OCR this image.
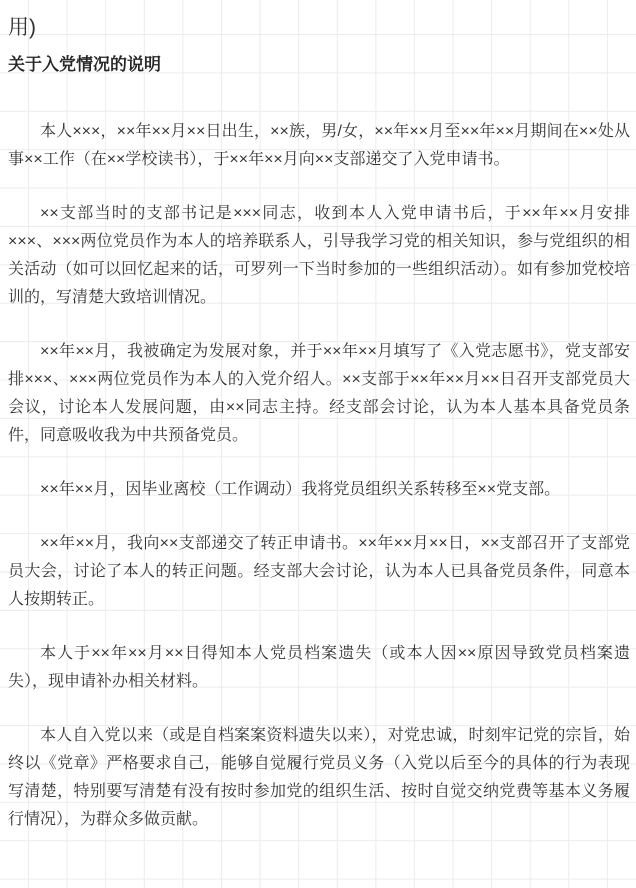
用)
关于入党情况的说明

本人×××，××年××月××日出生，××族，男/女，××年××月至××年××月期间在××处从事××工作（在××学校读书），于××年××月向××支部递交了入党申请书。

××支部当时的支部书记是×××同志，收到本人入党申请书后，于××年××月安排×××、×××两位党员作为本人的培养联系人，引导我学习党的相关知识，参与党组织的相关活动（如可以回忆起来的话，可罗列一下当时参加的一些组织活动）。如有参加党校培训的，写清楚大致培训情况。

××年××月，我被确定为发展对象，并于××年××月填写了《入党志愿书》，党支部安排×××、×××两位党员作为本人的入党介绍人。××支部于××年××月××日召开支部党员大会议，讨论本人发展问题，由××同志主持。经支部会讨论，认为本人基本具备党员条件，同意吸收我为中共预备党员。

××年××月，因毕业离校（工作调动）我将党员组织关系转移至××党支部。

××年××月，我向××支部递交了转正申请书。××年××月××日，××支部召开了支部党员大会，讨论了本人的转正问题。经支部大会讨论，认为本人已具备党员条件，同意本人按期转正。

本人于××年××月××日得知本人党员档案遗失（或本人因××原因导致党员档案遗失），现申请补办相关材料。

本人自入党以来（或是自档案案资料遗失以来），对党忠诚，时刻牢记党的宗旨，始终以《党章》严格要求自己，能够自觉履行党员义务（入党以后至今的具体的行为表现写清楚，特别要写清楚有没有按时参加党的组织生活、按时自觉交纳党费等基本义务履行情况），为群众多做贡献。
